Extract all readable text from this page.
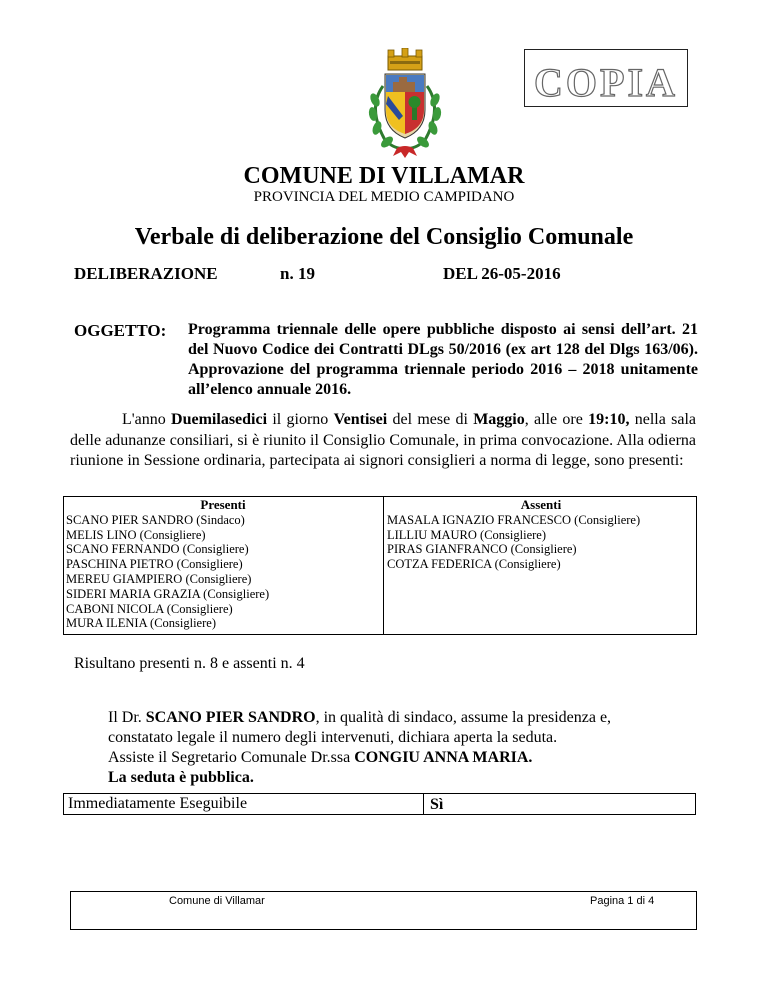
COPIA
COMUNE DI VILLAMAR
PROVINCIA DEL MEDIO CAMPIDANO
Verbale di deliberazione del Consiglio Comunale
DELIBERAZIONE	n. 19	DEL 26-05-2016
OGGETTO: Programma triennale delle opere pubbliche disposto ai sensi dell’art. 21 del Nuovo Codice dei Contratti DLgs 50/2016 (ex art 128 del Dlgs 163/06). Approvazione del programma triennale periodo 2016 – 2018 unitamente all’elenco annuale 2016.
L'anno Duemilasedici il giorno Ventisei del mese di Maggio, alle ore 19:10, nella sala delle adunanze consiliari, si è riunito il Consiglio Comunale, in prima convocazione. Alla odierna riunione in Sessione ordinaria, partecipata ai signori consiglieri a norma di legge, sono presenti:
Presenti
SCANO PIER SANDRO (Sindaco)
MELIS LINO (Consigliere)
SCANO FERNANDO (Consigliere)
PASCHINA PIETRO (Consigliere)
MEREU GIAMPIERO (Consigliere)
SIDERI MARIA GRAZIA (Consigliere)
CABONI NICOLA (Consigliere)
MURA ILENIA (Consigliere)
Assenti
MASALA IGNAZIO FRANCESCO (Consigliere)
LILLIU MAURO (Consigliere)
PIRAS GIANFRANCO (Consigliere)
COTZA FEDERICA (Consigliere)
Risultano presenti n. 8 e assenti n. 4
Il Dr. SCANO PIER SANDRO, in qualità di sindaco, assume la presidenza e, constatato legale il numero degli intervenuti, dichiara aperta la seduta.
Assiste il Segretario Comunale Dr.ssa CONGIU ANNA MARIA.
La seduta è pubblica.
Immediatamente Eseguibile	Sì
Comune di Villamar	Pagina 1 di 4
